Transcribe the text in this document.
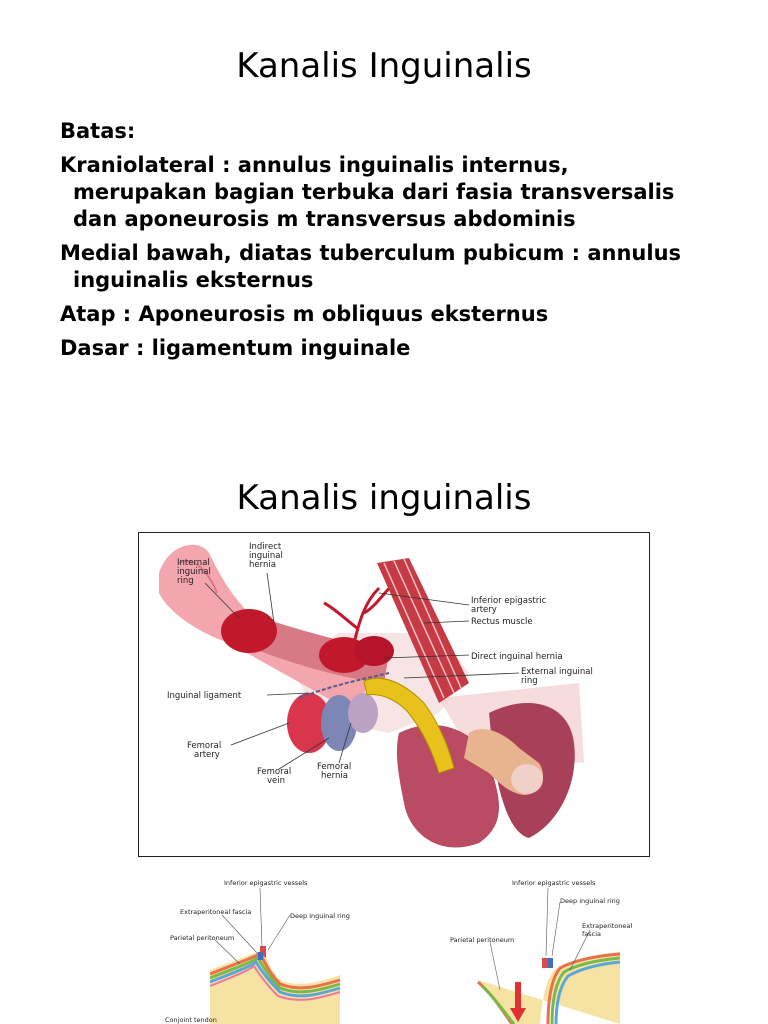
Kanalis Inguinalis
Batas:
Kraniolateral : annulus inguinalis internus, merupakan bagian terbuka dari fasia transversalis dan aponeurosis m transversus abdominis
Medial bawah, diatas tuberculum pubicum : annulus inguinalis eksternus
Atap : Aponeurosis m obliquus eksternus
Dasar : ligamentum inguinale
Kanalis inguinalis
Indirect inguinal hernia
Internal inguinal ring
Inferior epigastric artery
Rectus muscle
Direct inguinal hernia
External inguinal ring
Inguinal ligament
Femoral artery
Femoral vein
Femoral hernia
Inferior epigastric vessels
Extraperitoneal fascia	Deep inguinal ring
Parietal peritoneum
Conjoint tendon
Inferior epigastric vessels
Deep inguinal ring
Extraperitoneal
fascia
Parietal peritoneum
